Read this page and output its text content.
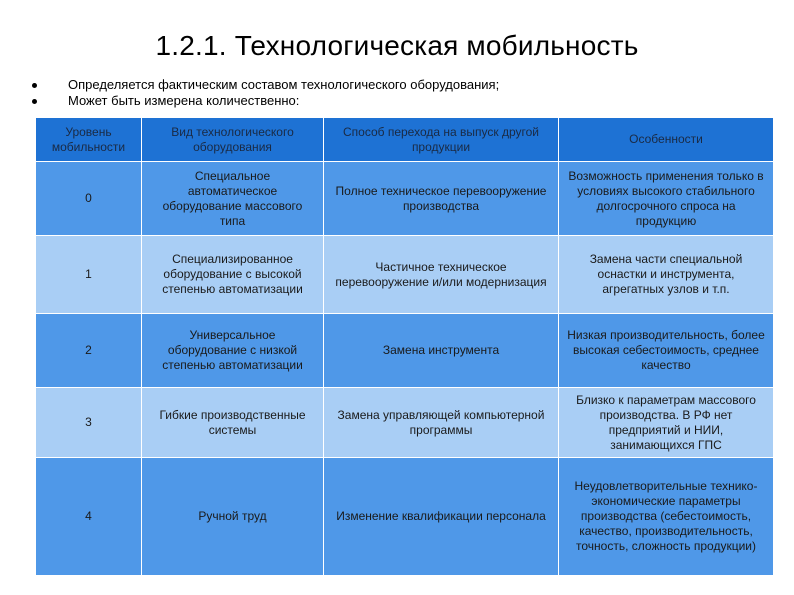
1.2.1. Технологическая мобильность
Определяется фактическим составом технологического оборудования;
Может быть измерена количественно:
Уровень мобильности	Вид технологического оборудования	Способ перехода на выпуск другой продукции	Особенности
0	Специальное автоматическое оборудование массового типа	Полное техническое перевооружение производства	Возможность применения только в условиях высокого стабильного долгосрочного спроса на продукцию
1	Специализированное оборудование с высокой степенью автоматизации	Частичное техническое перевооружение и/или модернизация	Замена части специальной оснастки и инструмента, агрегатных узлов и т.п.
2	Универсальное оборудование с низкой степенью автоматизации	Замена инструмента	Низкая производительность, более высокая себестоимость, среднее качество
3	Гибкие производственные системы	Замена управляющей компьютерной программы	Близко к параметрам массового производства. В РФ нет предприятий и НИИ, занимающихся ГПС
4	Ручной труд	Изменение квалификации персонала	Неудовлетворительные технико-экономические параметры производства (себестоимость, качество, производительность, точность, сложность продукции)
